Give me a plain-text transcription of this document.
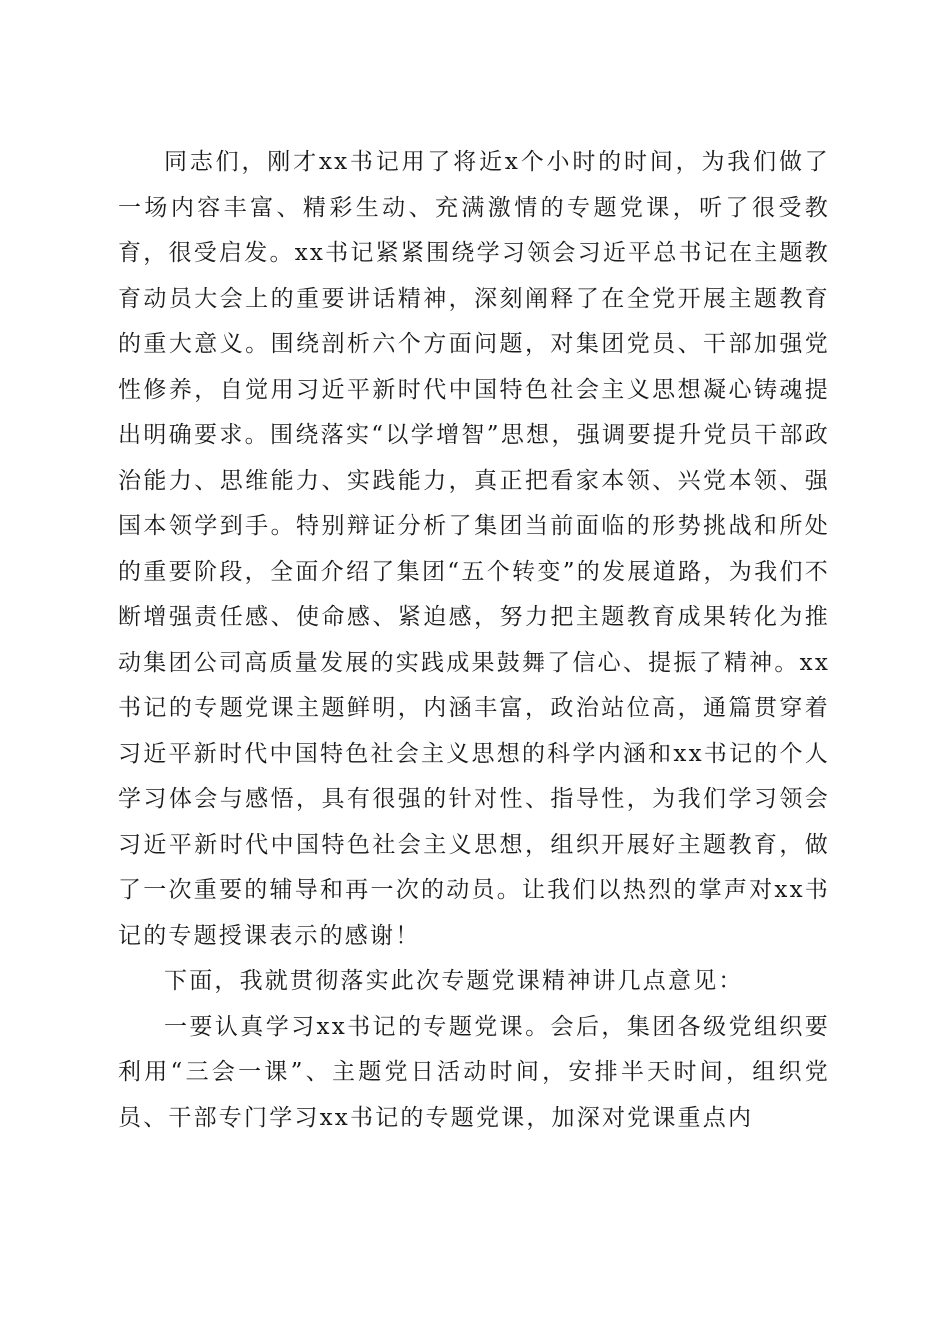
同志们，刚才xx书记用了将近x个小时的时间，为我们做了一场内容丰富、精彩生动、充满激情的专题党课，听了很受教育，很受启发。xx书记紧紧围绕学习领会习近平总书记在主题教育动员大会上的重要讲话精神，深刻阐释了在全党开展主题教育的重大意义。围绕剖析六个方面问题，对集团党员、干部加强党性修养，自觉用习近平新时代中国特色社会主义思想凝心铸魂提出明确要求。围绕落实“以学增智”思想，强调要提升党员干部政治能力、思维能力、实践能力，真正把看家本领、兴党本领、强国本领学到手。特别辩证分析了集团当前面临的形势挑战和所处的重要阶段，全面介绍了集团“五个转变”的发展道路，为我们不断增强责任感、使命感、紧迫感，努力把主题教育成果转化为推动集团公司高质量发展的实践成果鼓舞了信心、提振了精神。xx书记的专题党课主题鲜明，内涵丰富，政治站位高，通篇贯穿着习近平新时代中国特色社会主义思想的科学内涵和xx书记的个人学习体会与感悟，具有很强的针对性、指导性，为我们学习领会习近平新时代中国特色社会主义思想，组织开展好主题教育，做了一次重要的辅导和再一次的动员。让我们以热烈的掌声对xx书记的专题授课表示的感谢！

下面，我就贯彻落实此次专题党课精神讲几点意见：

一要认真学习xx书记的专题党课。会后，集团各级党组织要利用“三会一课”、主题党日活动时间，安排半天时间，组织党员、干部专门学习xx书记的专题党课，加深对党课重点内
